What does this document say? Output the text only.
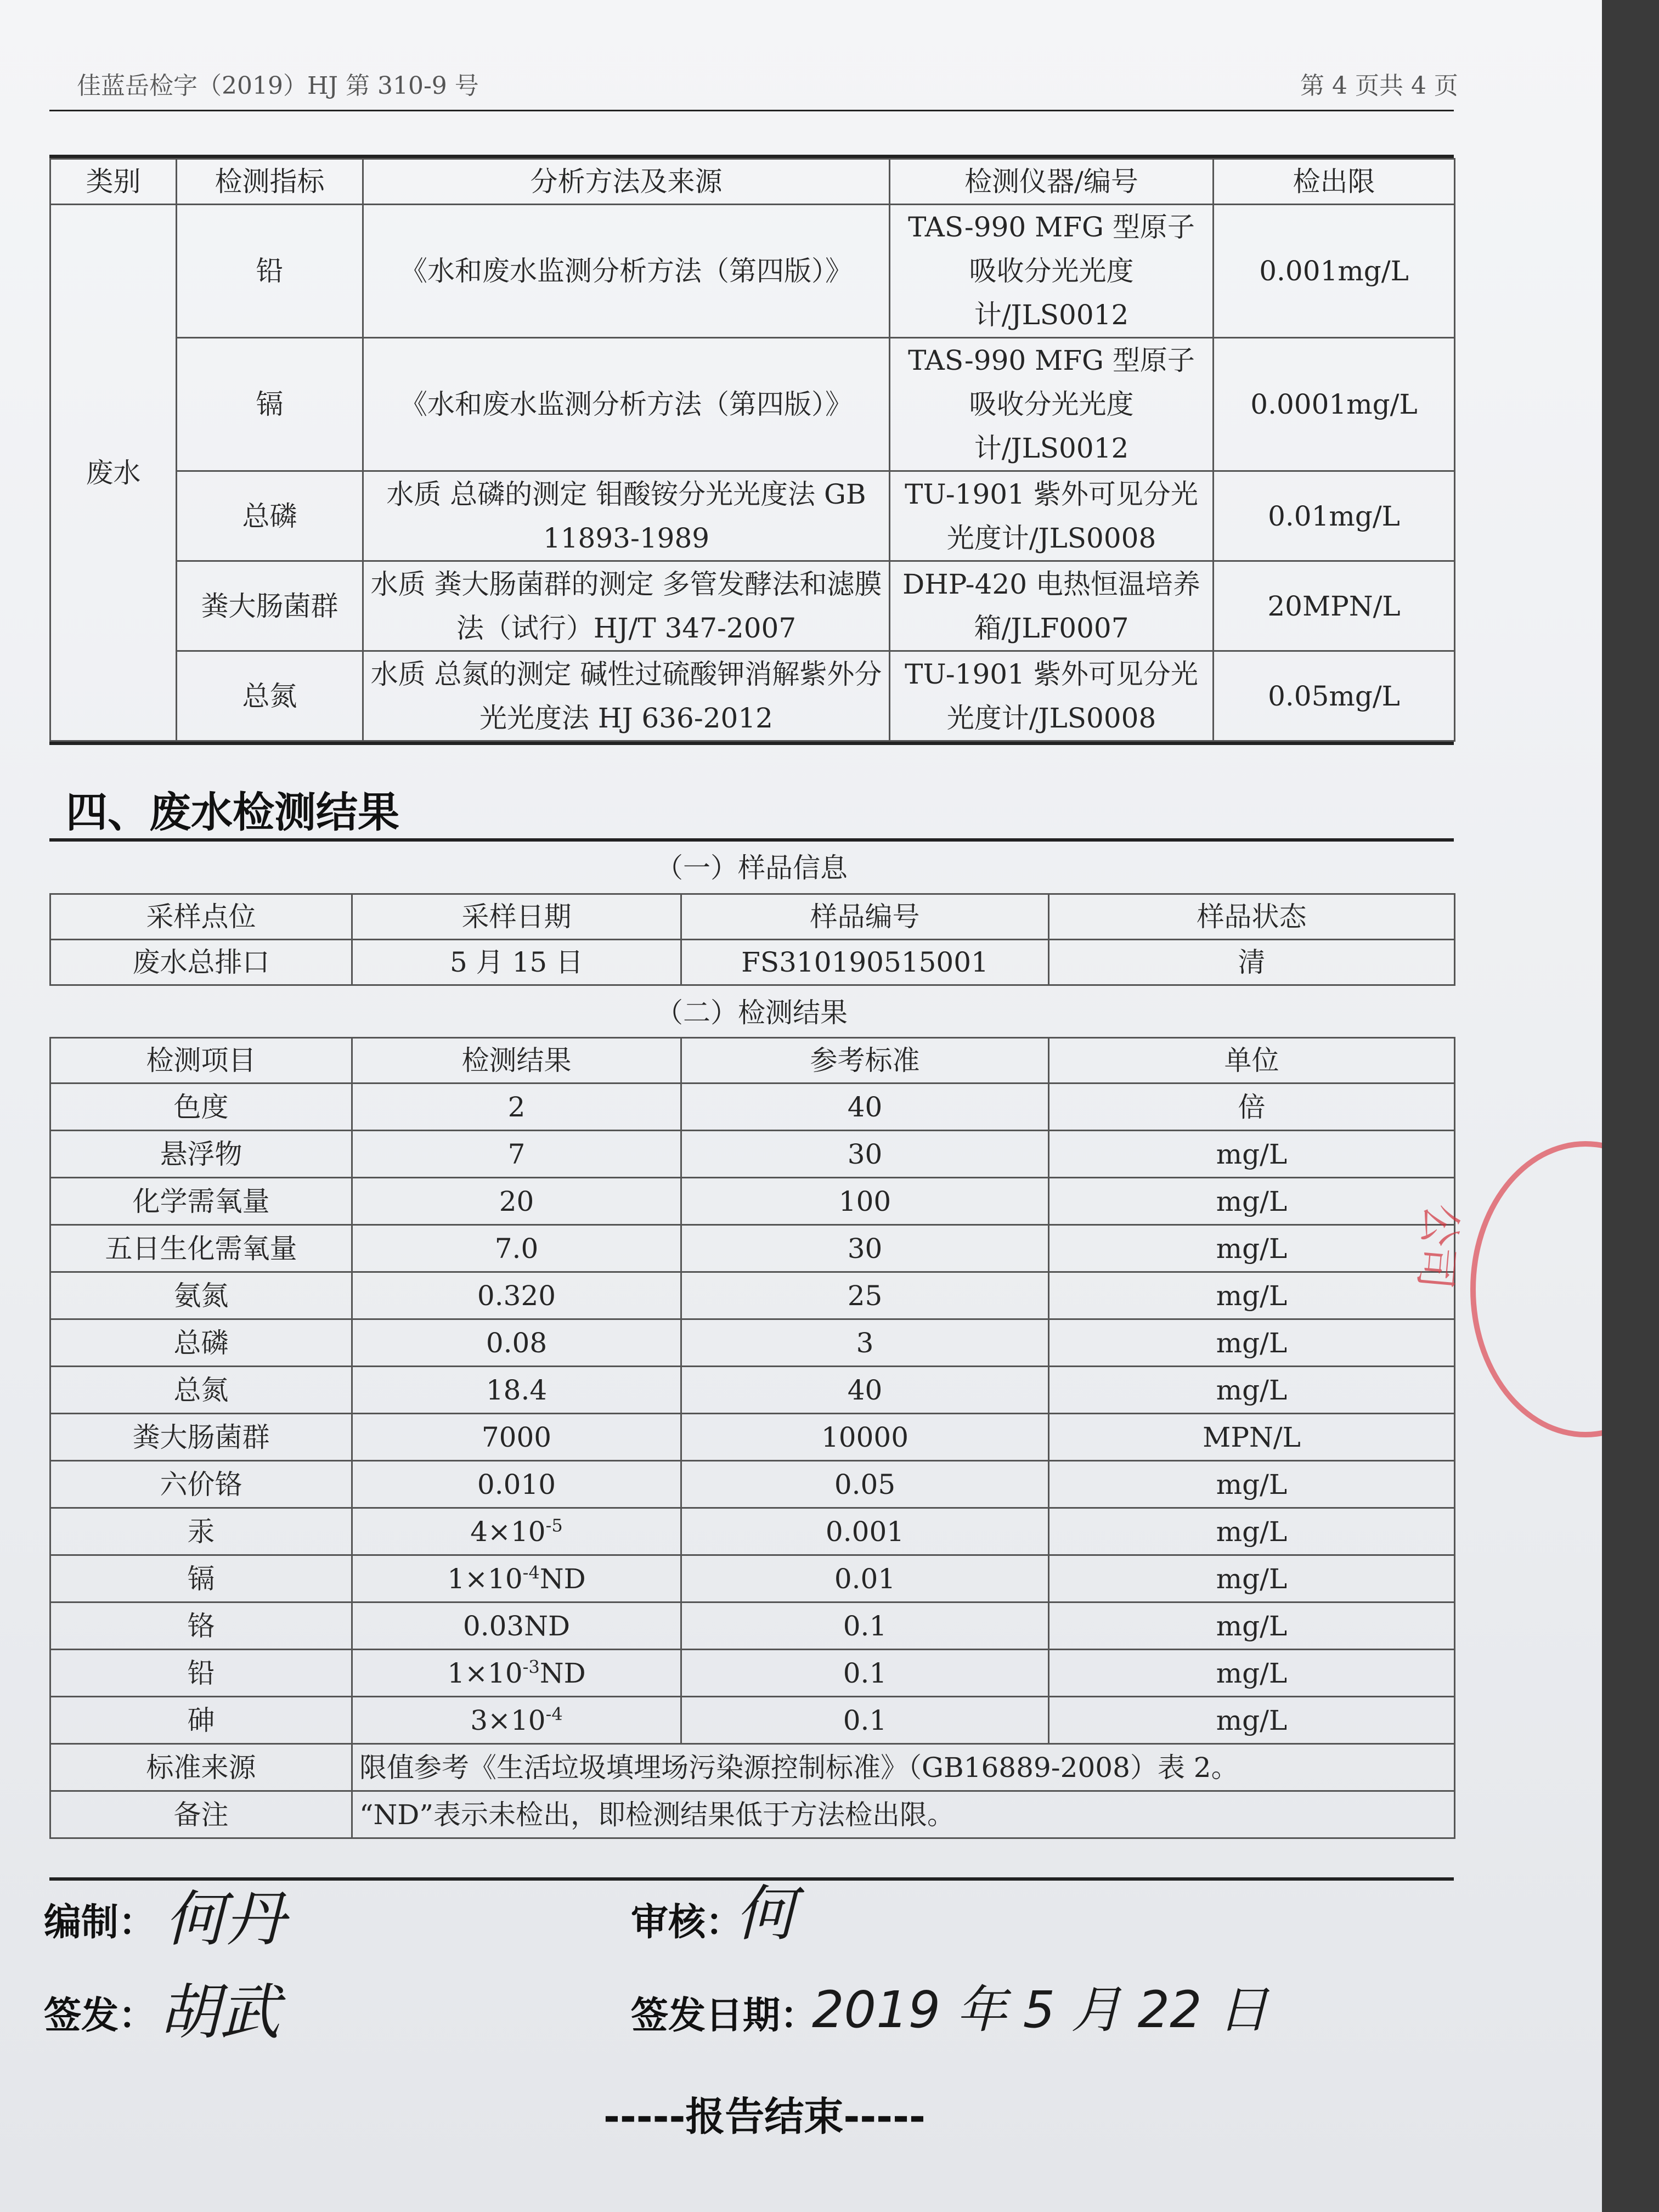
佳蓝岳检字（2019）HJ 第 310-9 号	第 4 页共 4 页
类别	检测指标	分析方法及来源	检测仪器/编号	检出限
废水	铅	《水和废水监测分析方法（第四版）》	TAS-990 MFG 型原子吸收分光光度计/JLS0012	0.001mg/L
	镉	《水和废水监测分析方法（第四版）》	TAS-990 MFG 型原子吸收分光光度计/JLS0012	0.0001mg/L
	总磷	水质 总磷的测定 钼酸铵分光光度法 GB 11893-1989	TU-1901 紫外可见分光光度计/JLS0008	0.01mg/L
	粪大肠菌群	水质 粪大肠菌群的测定 多管发酵法和滤膜法（试行）HJ/T 347-2007	DHP-420 电热恒温培养箱/JLF0007	20MPN/L
	总氮	水质 总氮的测定 碱性过硫酸钾消解紫外分光光度法 HJ 636-2012	TU-1901 紫外可见分光光度计/JLS0008	0.05mg/L
四、废水检测结果
（一）样品信息
采样点位	采样日期	样品编号	样品状态
废水总排口	5 月 15 日	FS310190515001	清
（二）检测结果
检测项目	检测结果	参考标准	单位
色度	2	40	倍
悬浮物	7	30	mg/L
化学需氧量	20	100	mg/L
五日生化需氧量	7.0	30	mg/L
氨氮	0.320	25	mg/L
总磷	0.08	3	mg/L
总氮	18.4	40	mg/L
粪大肠菌群	7000	10000	MPN/L
六价铬	0.010	0.05	mg/L
汞	$4\times 10^{-5}$	0.001	mg/L
镉	$1\times 10^{-4}ND$	0.01	mg/L
铬	0.03ND	0.1	mg/L
铅	$1\times 10^{-3}ND$	0.1	mg/L
砷	$3\times 10^{-4}$	0.1	mg/L
标准来源	限值参考《生活垃圾填埋场污染源控制标准》（GB16889-2008）表 2。		
备注	“ND”表示未检出，即检测结果低于方法检出限。		
编制： 何丹	审核：
何
签发： 胡武	签发日期：
2019 年 5 月 22 日
-----报告结束-----
公司
